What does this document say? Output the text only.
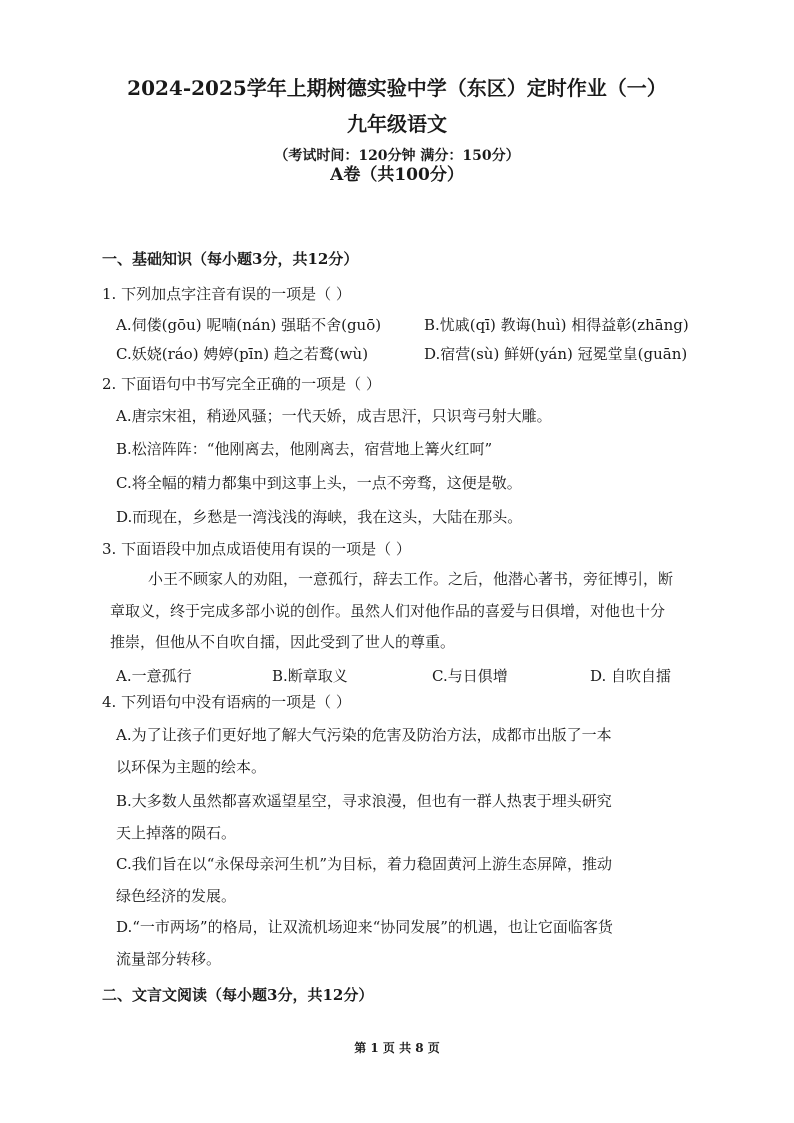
2024-2025学年上期树德实验中学（东区）定时作业（一）
九年级语文
（考试时间：120分钟 满分：150分）
A卷（共100分）
一、基础知识（每小题3分，共12分）
1. 下列加点字注音有误的一项是（ ）
A.伺偻(gōu) 呢喃(nán) 强聒不舍(guō)	B.忧戚(qī) 教诲(huì) 相得益彰(zhāng)
C.妖娆(ráo) 娉婷(pīn) 趋之若鹜(wù)	D.宿营(sù) 鲜妍(yán) 冠冕堂皇(guān)
2. 下面语句中书写完全正确的一项是（ ）
A.唐宗宋祖，稍逊风骚；一代天娇，成吉思汗，只识弯弓射大雕。
B.松涪阵阵：“他刚离去，他刚离去，宿营地上篝火红呵”
C.将全幅的精力都集中到这事上头，一点不旁骛，这便是敬。
D.而现在，乡愁是一湾浅浅的海峡，我在这头，大陆在那头。
3. 下面语段中加点成语使用有误的一项是（ ）
小王不顾家人的劝阻，一意孤行，辞去工作。之后，他潜心著书，旁征博引，断
章取义，终于完成多部小说的创作。虽然人们对他作品的喜爱与日俱增，对他也十分
推崇，但他从不自吹自擂，因此受到了世人的尊重。
A.一意孤行	B.断章取义	C.与日俱增	D. 自吹自擂
4. 下列语句中没有语病的一项是（ ）
A.为了让孩子们更好地了解大气污染的危害及防治方法，成都市出版了一本
以环保为主题的绘本。
B.大多数人虽然都喜欢遥望星空，寻求浪漫，但也有一群人热衷于埋头研究
天上掉落的陨石。
C.我们旨在以“永保母亲河生机”为目标，着力稳固黄河上游生态屏障，推动
绿色经济的发展。
D.“一市两场”的格局，让双流机场迎来“协同发展”的机遇，也让它面临客货
流量部分转移。
二、文言文阅读（每小题3分，共12分）
第 1 页 共 8 页
